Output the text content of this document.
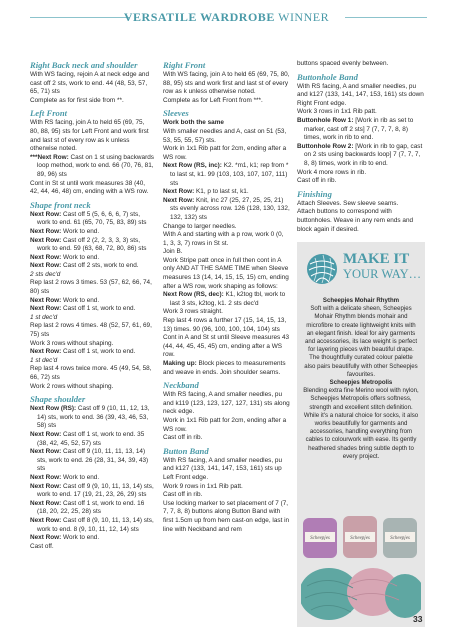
VERSATILE WARDROBE WINNER
Right Back neck and shoulder
With WS facing, rejoin A at neck edge and cast off 2 sts, work to end. 44 (48, 53, 57, 65, 71) sts
Complete as for first side from **.
Left Front
With RS facing, join A to held 65 (69, 75, 80, 88, 95) sts for Left Front and work first and last st of every row as k unless otherwise noted.
***Next Row: Cast on 1 st using backwards loop method, work to end. 66 (70, 76, 81, 89, 96) sts
Cont in St st until work measures 38 (40, 42, 44, 46, 48) cm, ending with a WS row.
Shape front neck
Next Row: Cast off 5 (5, 6, 6, 6, 7) sts, work to end. 61 (65, 70, 75, 83, 89) sts
Next Row: Work to end.
Next Row: Cast off 2 (2, 2, 3, 3, 3) sts, work to end. 59 (63, 68, 72, 80, 86) sts
Next Row: Work to end.
Next Row: Cast off 2 sts, work to end.
2 sts dec'd
Rep last 2 rows 3 times. 53 (57, 62, 66, 74, 80) sts
Next Row: Work to end.
Next Row: Cast off 1 st, work to end.
1 st dec'd
Rep last 2 rows 4 times. 48 (52, 57, 61, 69, 75) sts
Work 3 rows without shaping.
Next Row: Cast off 1 st, work to end.
1 st dec'd
Rep last 4 rows twice more. 45 (49, 54, 58, 66, 72) sts
Work 2 rows without shaping.
Shape shoulder
Next Row (RS): Cast off 9 (10, 11, 12, 13, 14) sts, work to end. 36 (39, 43, 46, 53, 58) sts
Next Row: Cast off 1 st, work to end. 35 (38, 42, 45, 52, 57) sts
Next Row: Cast off 9 (10, 11, 11, 13, 14) sts, work to end. 26 (28, 31, 34, 39, 43) sts
Next Row: Work to end.
Next Row: Cast off 9 (9, 10, 11, 13, 14) sts, work to end. 17 (19, 21, 23, 26, 29) sts
Next Row: Cast off 1 st, work to end. 16 (18, 20, 22, 25, 28) sts
Next Row: Cast off 8 (9, 10, 11, 13, 14) sts, work to end. 8 (9, 10, 11, 12, 14) sts
Next Row: Work to end.
Cast off.
Right Front
With WS facing, join A to held 65 (69, 75, 80, 88, 95) sts and work first and last st of every row as k unless otherwise noted.
Complete as for Left Front from ***.
Sleeves
Work both the same
With smaller needles and A, cast on 51 (53, 53, 55, 55, 57) sts.
Work in 1x1 Rib patt for 2cm, ending after a WS row.
Next Row (RS, inc): K2. *m1, k1; rep from * to last st, k1. 99 (103, 103, 107, 107, 111) sts
Next Row: K1, p to last st, k1.
Next Row: Knit, inc 27 (25, 27, 25, 25, 21) sts evenly across row. 126 (128, 130, 132, 132, 132) sts
Change to larger needles.
With A and starting with a p row, work 0 (0, 1, 3, 3, 7) rows in St st.
Join B.
Work Stripe patt once in full then cont in A only AND AT THE SAME TIME when Sleeve measures 13 (14, 14, 15, 15, 15) cm, ending after a WS row, work shaping as follows:
Next Row (RS, dec): K1, k2tog tbl, work to last 3 sts, k2tog, k1. 2 sts dec'd
Work 3 rows straight.
Rep last 4 rows a further 17 (15, 14, 15, 13, 13) times. 90 (96, 100, 100, 104, 104) sts
Cont in A and St st until Sleeve measures 43 (44, 44, 45, 45, 45) cm, ending after a WS row.
Making up: Block pieces to measurements and weave in ends. Join shoulder seams.
Neckband
With RS facing, A and smaller needles, pu and k119 (123, 123, 127, 127, 131) sts along neck edge.
Work in 1x1 Rib patt for 2cm, ending after a WS row.
Cast off in rib.
Button Band
With RS facing, A and smaller needles, pu and k127 (133, 141, 147, 153, 161) sts up Left Front edge.
Work 9 rows in 1x1 Rib patt.
Cast off in rib.
Use locking marker to set placement of 7 (7, 7, 7, 8, 8) buttons along Button Band with first 1.5cm up from hem cast-on edge, last in line with Neckband and rem
buttons spaced evenly between.
Buttonhole Band
With RS facing, A and smaller needles, pu and k127 (133, 141, 147, 153, 161) sts down Right Front edge.
Work 3 rows in 1x1 Rib patt.
Buttonhole Row 1: [Work in rib as set to marker, cast off 2 sts] 7 (7, 7, 7, 8, 8) times, work in rib to end.
Buttonhole Row 2: [Work in rib to gap, cast on 2 sts using backwards loop] 7 (7, 7, 7, 8, 8) times, work in rib to end.
Work 4 more rows in rib.
Cast off in rib.
Finishing
Attach Sleeves. Sew sleeve seams.
Attach buttons to correspond with buttonholes. Weave in any rem ends and block again if desired.
MAKE IT
YOUR WAY…
Scheepjes Mohair Rhythm
Soft with a delicate sheen, Scheepjes Mohair Rhythm blends mohair and microfibre to create lightweight knits with an elegant finish. Ideal for airy garments and accessories, its lace weight is perfect for layering pieces with beautiful drape. The thoughtfully curated colour palette also pairs beautifully with other Scheepjes favourites.
Scheepjes Metropolis
Blending extra fine Merino wool with nylon, Scheepjes Metropolis offers softness, strength and excellent stitch definition. While it's a natural choice for socks, it also works beautifully for garments and accessories, handling everything from cables to colourwork with ease. Its gently heathered shades bring subtle depth to every project.
Scheepjes	Scheepjes	Scheepjes
33
